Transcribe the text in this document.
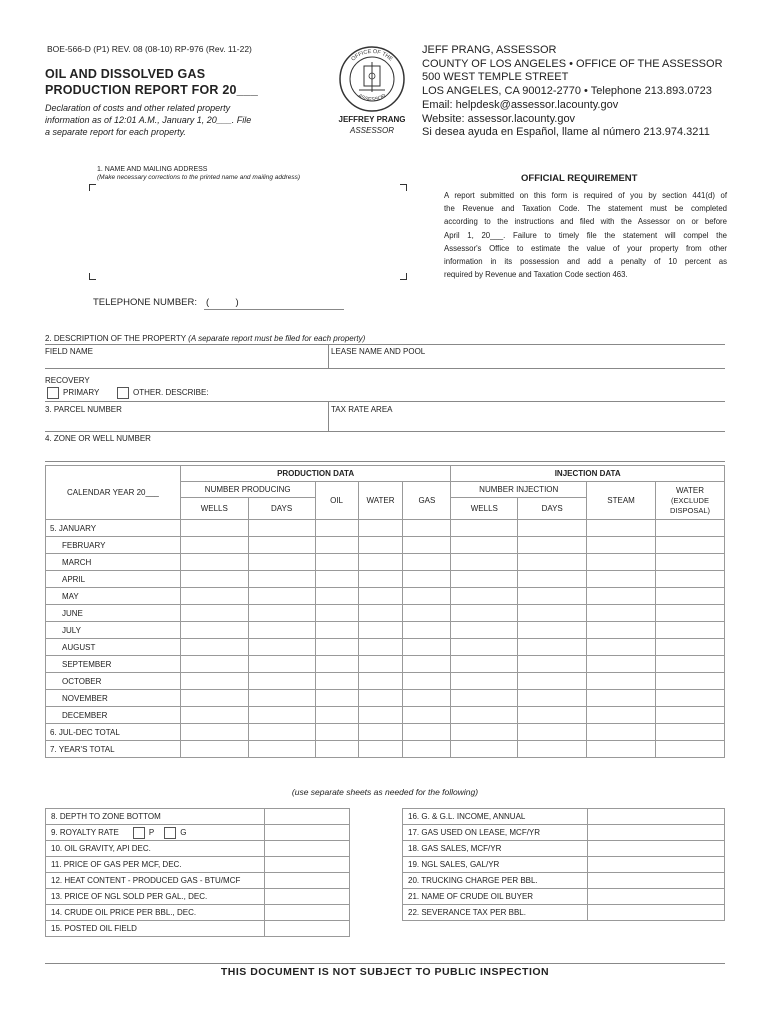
BOE-566-D (P1) REV. 08 (08-10) RP-976 (Rev. 11-22)
OIL AND DISSOLVED GAS
PRODUCTION REPORT FOR 20___
Declaration of costs and other related property
information as of 12:01 A.M., January 1, 20___. File
a separate report for each property.
OFFICE OF THE
ASSESSOR
JEFFREY PRANG
ASSESSOR
JEFF PRANG, ASSESSOR
COUNTY OF LOS ANGELES • OFFICE OF THE ASSESSOR
500 WEST TEMPLE STREET
LOS ANGELES, CA 90012-2770 • Telephone 213.893.0723
Email: helpdesk@assessor.lacounty.gov
Website: assessor.lacounty.gov
Si desea ayuda en Español, llame al número 213.974.3211
1. NAME AND MAILING ADDRESS
(Make necessary corrections to the printed name and mailing address)
TELEPHONE NUMBER: (          )
OFFICIAL REQUIREMENT
A report submitted on this form is required of you by section 441(d) of
the Revenue and Taxation Code. The statement must be completed
according to the instructions and filed with the Assessor on or before
April 1, 20___. Failure to timely file the statement will compel the
Assessor's Office to estimate the value of your property from other
information in its possession and add a penalty of 10 percent as
required by Revenue and Taxation Code section 463.
2. DESCRIPTION OF THE PROPERTY (A separate report must be filed for each property)
FIELD NAME	LEASE NAME AND POOL
RECOVERY
PRIMARY	OTHER. DESCRIBE:
3. PARCEL NUMBER	TAX RATE AREA
4. ZONE OR WELL NUMBER
CALENDAR YEAR 20___	PRODUCTION DATA					INJECTION DATA			
	NUMBER PRODUCING		OIL	WATER	GAS	NUMBER INJECTION		STEAM	WATER
(EXCLUDE
DISPOSAL)

	WELLS	DAYS				WELLS	DAYS		
5. JANUARY									
FEBRUARY									
MARCH									
APRIL									
MAY									
JUNE									
JULY									
AUGUST									
SEPTEMBER									
OCTOBER									
NOVEMBER									
DECEMBER									
6. JUL-DEC TOTAL									
7. YEAR'S TOTAL									
(use separate sheets as needed for the following)
8. DEPTH TO ZONE BOTTOM	
9. ROYALTY RATE P G	
10. OIL GRAVITY, API DEC.	
11. PRICE OF GAS PER MCF, DEC.	
12. HEAT CONTENT - PRODUCED GAS - BTU/MCF	
13. PRICE OF NGL SOLD PER GAL., DEC.	
14. CRUDE OIL PRICE PER BBL., DEC.	
15. POSTED OIL FIELD	
16. G. & G.L. INCOME, ANNUAL	
17. GAS USED ON LEASE, MCF/YR	
18. GAS SALES, MCF/YR	
19. NGL SALES, GAL/YR	
20. TRUCKING CHARGE PER BBL.	
21. NAME OF CRUDE OIL BUYER	
22. SEVERANCE TAX PER BBL.	
THIS DOCUMENT IS NOT SUBJECT TO PUBLIC INSPECTION
